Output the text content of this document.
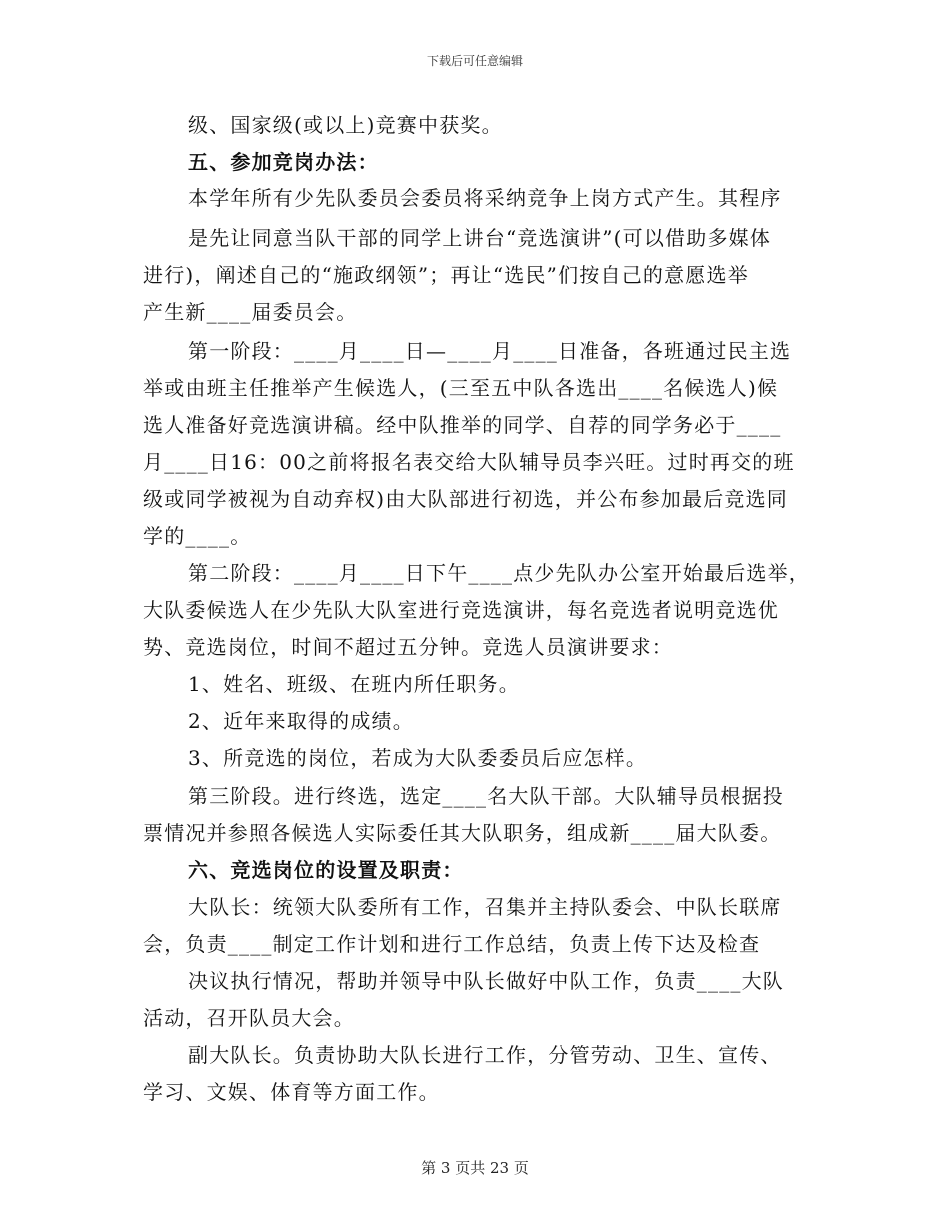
下载后可任意编辑
级、国家级(或以上)竞赛中获奖。
五、参加竞岗办法：
本学年所有少先队委员会委员将采纳竞争上岗方式产生。其程序
是先让同意当队干部的同学上讲台“竞选演讲”(可以借助多媒体
进行)，阐述自己的“施政纲领”；再让“选民”们按自己的意愿选举
产生新____届委员会。
第一阶段：____月____日—____月____日准备，各班通过民主选
举或由班主任推举产生候选人，(三至五中队各选出____名候选人)候
选人准备好竞选演讲稿。经中队推举的同学、自荐的同学务必于____
月____日16：00之前将报名表交给大队辅导员李兴旺。过时再交的班
级或同学被视为自动弃权)由大队部进行初选，并公布参加最后竞选同
学的____。
第二阶段：____月____日下午____点少先队办公室开始最后选举，
大队委候选人在少先队大队室进行竞选演讲，每名竞选者说明竞选优
势、竞选岗位，时间不超过五分钟。竞选人员演讲要求：
1、姓名、班级、在班内所任职务。
2、近年来取得的成绩。
3、所竞选的岗位，若成为大队委委员后应怎样。
第三阶段。进行终选，选定____名大队干部。大队辅导员根据投
票情况并参照各候选人实际委任其大队职务，组成新____届大队委。
六、竞选岗位的设置及职责：
大队长：统领大队委所有工作，召集并主持队委会、中队长联席
会，负责____制定工作计划和进行工作总结，负责上传下达及检查
决议执行情况，帮助并领导中队长做好中队工作，负责____大队
活动，召开队员大会。
副大队长。负责协助大队长进行工作，分管劳动、卫生、宣传、
学习、文娱、体育等方面工作。
第 3 页共 23 页
